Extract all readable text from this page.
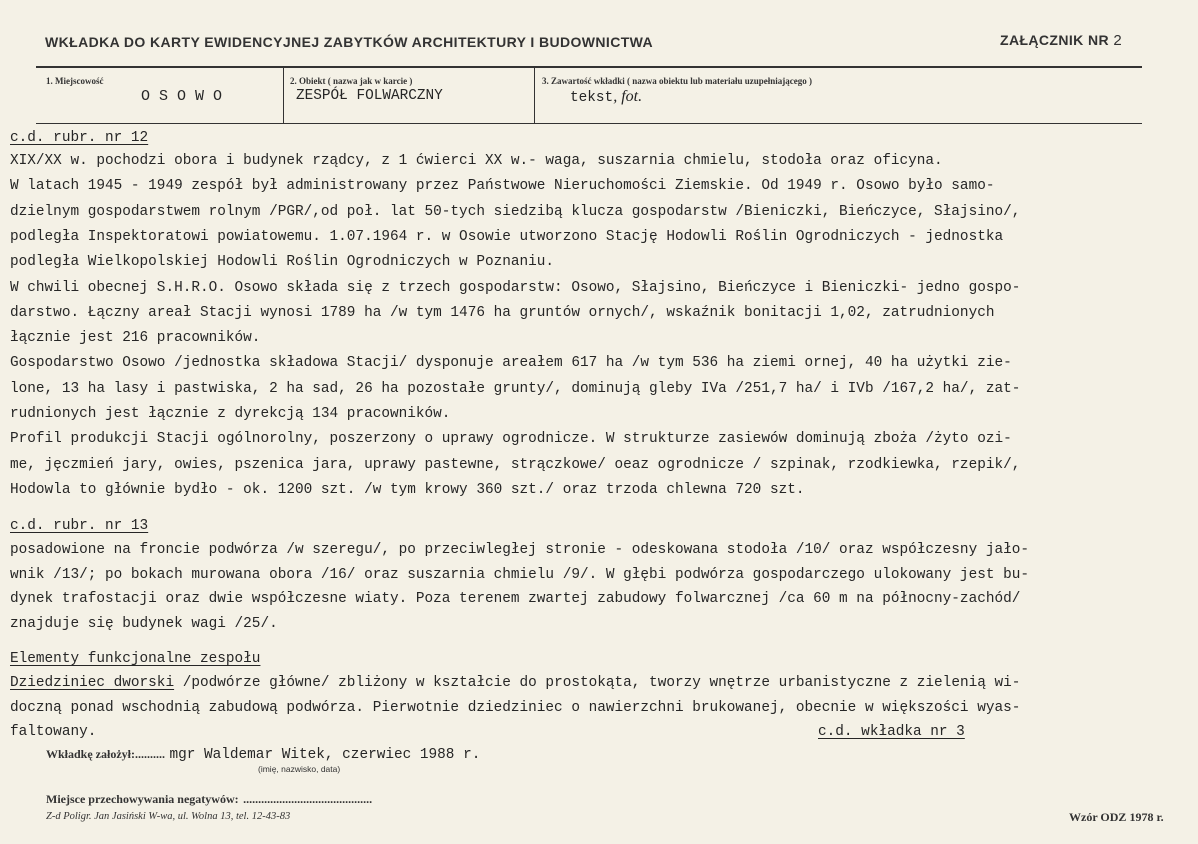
WKŁADKA DO KARTY EWIDENCYJNEJ ZABYTKÓW ARCHITEKTURY I BUDOWNICTWA	ZAŁĄCZNIK NR 2
1. Miejscowość
O S O W O
2. Obiekt ( nazwa jak w karcie )
ZESPÓŁ FOLWARCZNY
3. Zawartość wkładki ( nazwa obiektu lub materiału uzupełniającego )
tekst, fot.
c.d. rubr. nr 12
XIX/XX w. pochodzi obora i budynek rządcy, z 1 ćwierci XX w.- waga, suszarnia chmielu, stodoła oraz oficyna.
W latach 1945 - 1949 zespół był administrowany przez Państwowe Nieruchomości Ziemskie. Od 1949 r. Osowo było samo-
dzielnym gospodarstwem rolnym /PGR/,od poł. lat 50-tych siedzibą klucza gospodarstw /Bieniczki, Bieńczyce, Słajsino/,
podległa Inspektoratowi powiatowemu. 1.07.1964 r. w Osowie utworzono Stację Hodowli Roślin Ogrodniczych - jednostka
podległa Wielkopolskiej Hodowli Roślin Ogrodniczych w Poznaniu.
W chwili obecnej S.H.R.O. Osowo składa się z trzech gospodarstw: Osowo, Słajsino, Bieńczyce i Bieniczki- jedno gospo-
darstwo. Łączny areał Stacji wynosi 1789 ha /w tym 1476 ha gruntów ornych/, wskaźnik bonitacji 1,02, zatrudnionych
łącznie jest 216 pracowników.
Gospodarstwo Osowo /jednostka składowa Stacji/ dysponuje areałem 617 ha /w tym 536 ha ziemi ornej, 40 ha użytki zie-
lone, 13 ha lasy i pastwiska, 2 ha sad, 26 ha pozostałe grunty/, dominują gleby IVa /251,7 ha/ i IVb /167,2 ha/, zat-
rudnionych jest łącznie z dyrekcją 134 pracowników.
Profil produkcji Stacji ogólnorolny, poszerzony o uprawy ogrodnicze. W strukturze zasiewów dominują zboża /żyto ozi-
me, jęczmień jary, owies, pszenica jara, uprawy pastewne, strączkowe/ oeaz ogrodnicze / szpinak, rzodkiewka, rzepik/,
Hodowla to głównie bydło - ok. 1200 szt. /w tym krowy 360 szt./ oraz trzoda chlewna 720 szt.
c.d. rubr. nr 13
posadowione na froncie podwórza /w szeregu/, po przeciwległej stronie - odeskowana stodoła /10/ oraz współczesny jało-
wnik /13/; po bokach murowana obora /16/ oraz suszarnia chmielu /9/. W głębi podwórza gospodarczego ulokowany jest bu-
dynek trafostacji oraz dwie współczesne wiaty. Poza terenem zwartej zabudowy folwarcznej /ca 60 m na północny-zachód/
znajduje się budynek wagi /25/.
Elementy funkcjonalne zespołu
Dziedziniec dworski /podwórze główne/ zbliżony w kształcie do prostokąta, tworzy wnętrze urbanistyczne z zielenią wi-
doczną ponad wschodnią zabudową podwórza. Pierwotnie dziedziniec o nawierzchni brukowanej, obecnie w większości wyas-
faltowany.	c.d. wkładka nr 3
Wkładkę założył:.......... mgr Waldemar Witek, czerwiec 1988 r.
(imię, nazwisko, data)
Miejsce przechowywania negatywów: ...........................................
Z-d Poligr. Jan Jasiński W-wa, ul. Wolna 13, tel. 12-43-83	Wzór ODZ 1978 r.
